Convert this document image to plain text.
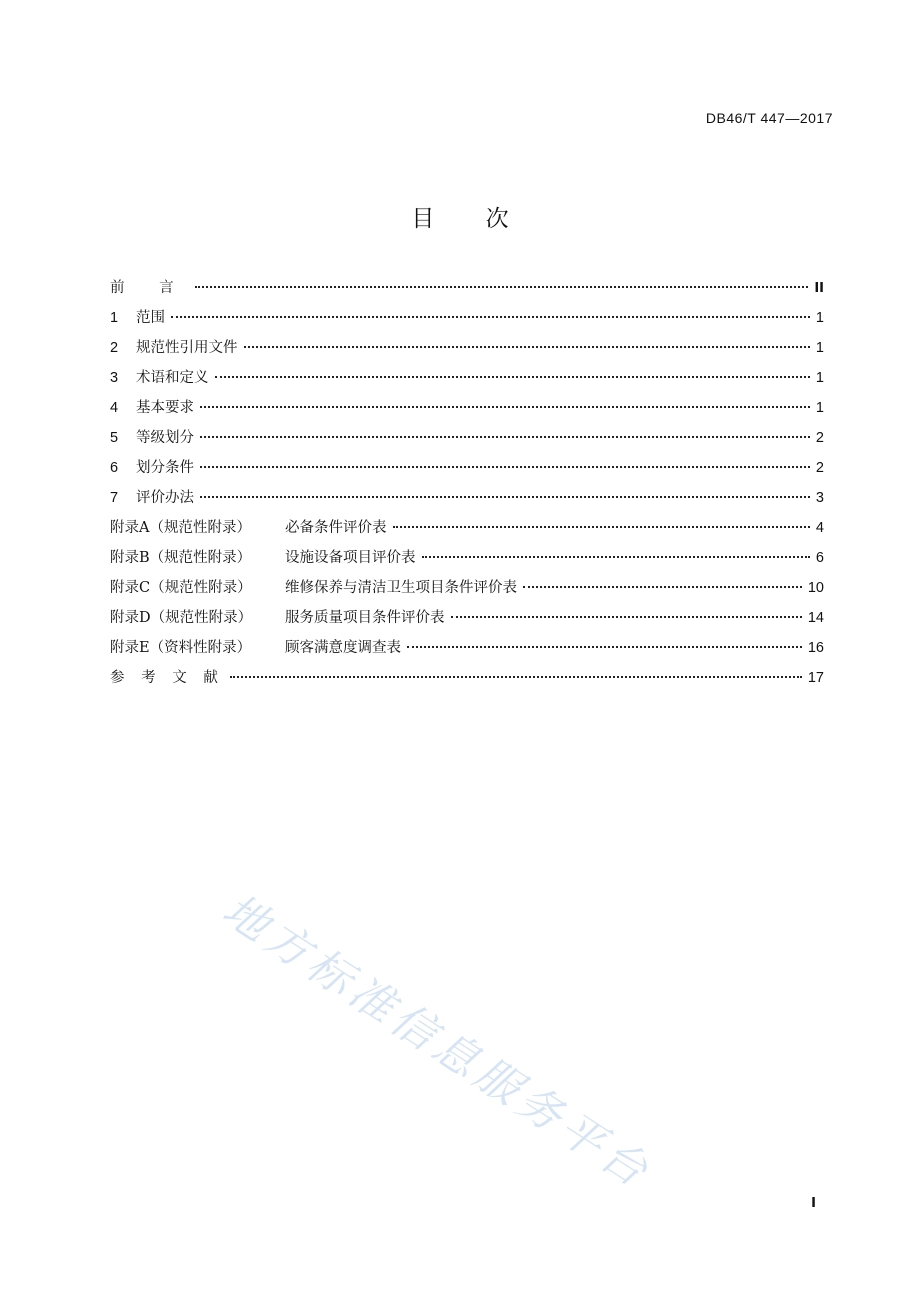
DB46/T 447—2017
目 次
前 言	II
1	范围	1
2	规范性引用文件	1
3	术语和定义	1
4	基本要求	1
5	等级划分	2
6	划分条件	2
7	评价办法	3
附录A（规范性附录）	必备条件评价表	4
附录B（规范性附录）	设施设备项目评价表	6
附录C（规范性附录）	维修保养与清洁卫生项目条件评价表	10
附录D（规范性附录）	服务质量项目条件评价表	14
附录E（资料性附录）	顾客满意度调查表	16
参 考 文 献	17
地方标准信息服务平台
I
